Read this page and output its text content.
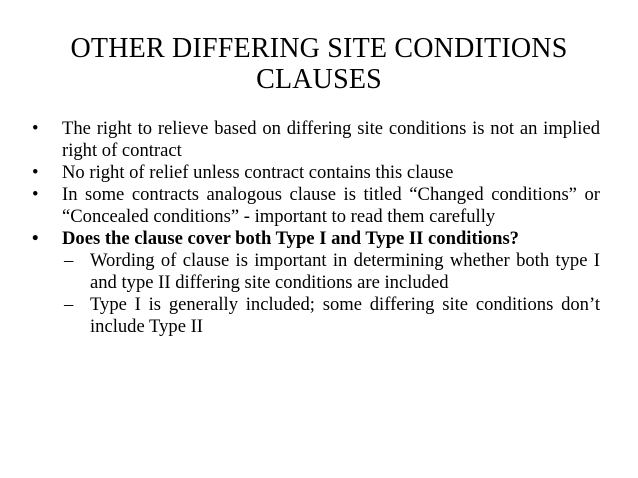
OTHER DIFFERING SITE CONDITIONS
CLAUSES
• The right to relieve based on differing site conditions is not an implied right of contract
• No right of relief unless contract contains this clause
• In some contracts analogous clause is titled “Changed conditions” or “Concealed conditions” - important to read them carefully
• Does the clause cover both Type I and Type II conditions?
– Wording of clause is important in determining whether both type I and type II differing site conditions are included
– Type I is generally included; some differing site conditions don’t include Type II
